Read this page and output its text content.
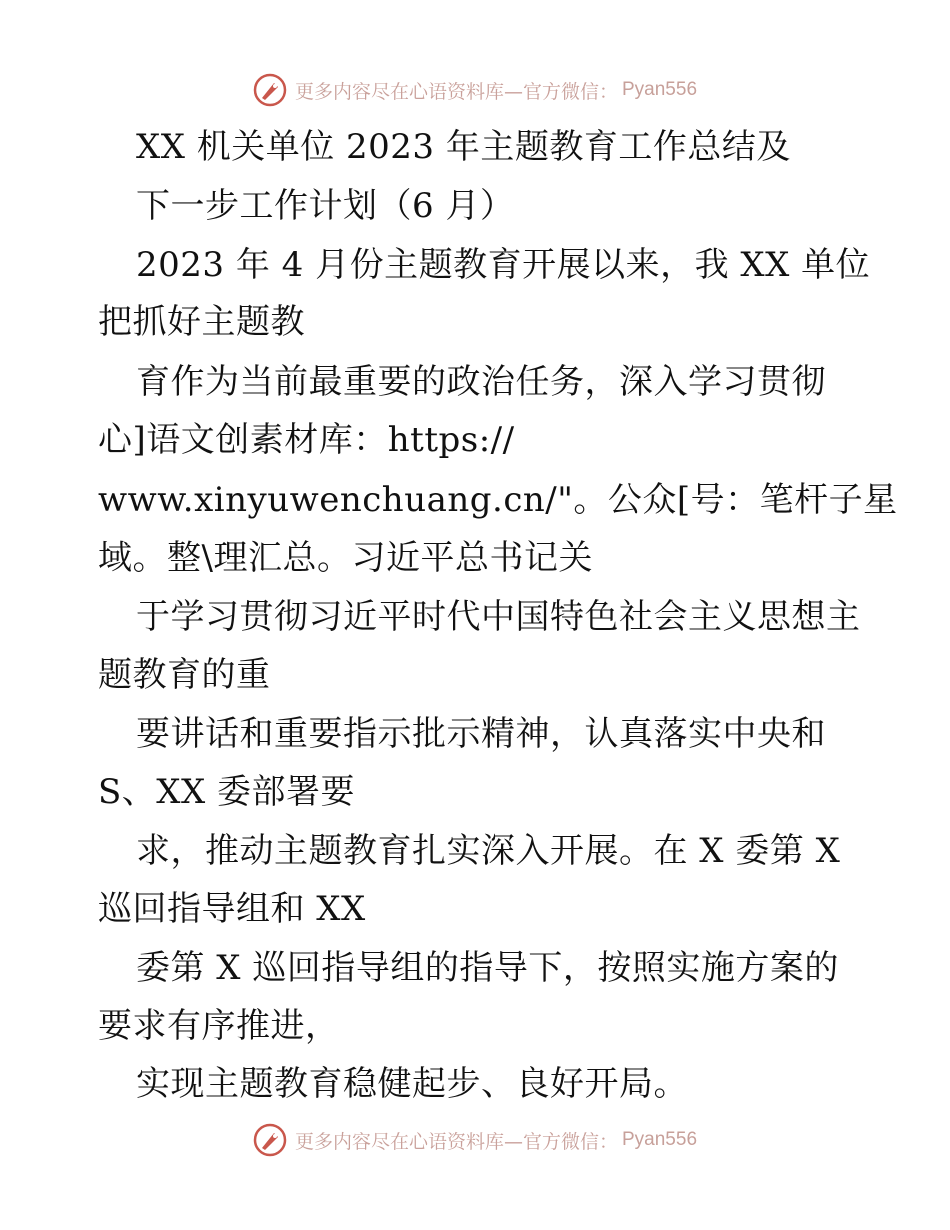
更多内容尽在心语资料库—官方微信： Pyan556
XX 机关单位 2023 年主题教育工作总结及
下一步工作计划（6 月）
2023 年 4 月份主题教育开展以来，我 XX 单位
把抓好主题教
育作为当前最重要的政治任务，深入学习贯彻
心]语文创素材库：https://
www.xinyuwenchuang.cn/"。公众[号：笔杆子星
域。整\理汇总。习近平总书记关
于学习贯彻习近平时代中国特色社会主义思想主
题教育的重
要讲话和重要指示批示精神，认真落实中央和
S、XX 委部署要
求，推动主题教育扎实深入开展。在 X 委第 X
巡回指导组和 XX
委第 X 巡回指导组的指导下，按照实施方案的
要求有序推进，
实现主题教育稳健起步、良好开局。
更多内容尽在心语资料库—官方微信： Pyan556
